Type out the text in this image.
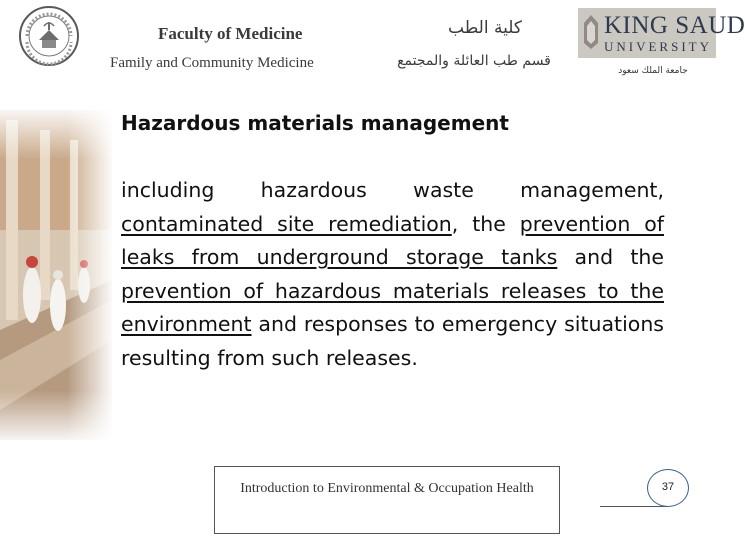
Faculty of Medicine
Family and Community Medicine
كلية الطب
قسم طب العائلة والمجتمع
KING SAUD
UNIVERSITY
جامعة الملك سعود
Hazardous materials management
including hazardous waste management, contaminated site remediation, the prevention of leaks from underground storage tanks and the prevention of hazardous materials releases to the environment and responses to emergency situations resulting from such releases.
Introduction to Environmental & Occupation Health	37
